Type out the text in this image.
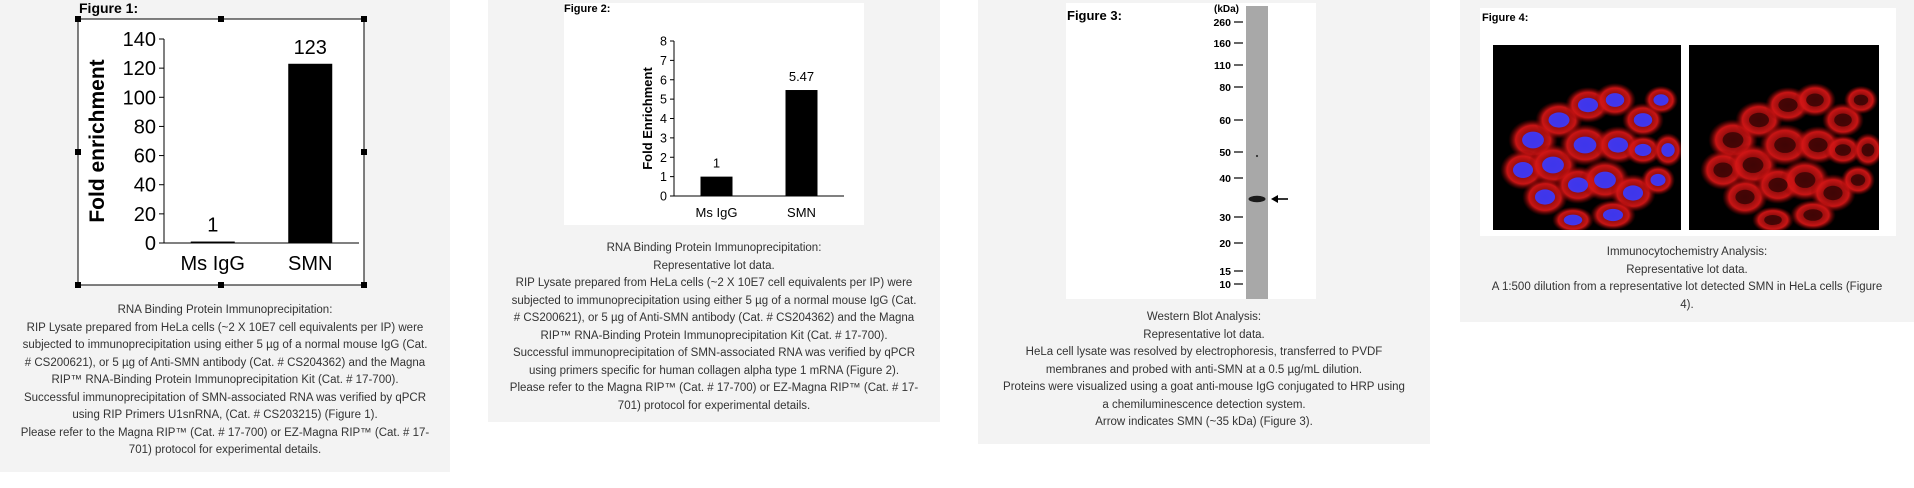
Figure 1:
0
20
40
60
80
100
120
140
1
Ms IgG
123
SMN
Fold enrichment
RNA Binding Protein Immunoprecipitation:
RIP Lysate prepared from HeLa cells (~2 X 10E7 cell equivalents per IP) were
subjected to immunoprecipitation using either 5 µg of a normal mouse IgG (Cat.
# CS200621), or 5 µg of Anti-SMN antibody (Cat. # CS204362) and the Magna
RIP™ RNA-Binding Protein Immunoprecipitation Kit (Cat. # 17-700).
Successful immunoprecipitation of SMN-associated RNA was verified by qPCR
using RIP Primers U1snRNA, (Cat. # CS203215) (Figure 1).
Please refer to the Magna RIP™ (Cat. # 17-700) or EZ-Magna RIP™ (Cat. # 17-
701) protocol for experimental details.
Figure 2:
0
1
2
3
4
5
6
7
8
1
Ms IgG
5.47
SMN
Fold Enrichment
RNA Binding Protein Immunoprecipitation:
Representative lot data.
RIP Lysate prepared from HeLa cells (~2 X 10E7 cell equivalents per IP) were
subjected to immunoprecipitation using either 5 µg of a normal mouse IgG (Cat.
# CS200621), or 5 µg of Anti-SMN antibody (Cat. # CS204362) and the Magna
RIP™ RNA-Binding Protein Immunoprecipitation Kit (Cat. # 17-700).
Successful immunoprecipitation of SMN-associated RNA was verified by qPCR
using primers specific for human collagen alpha type 1 mRNA (Figure 2).
Please refer to the Magna RIP™ (Cat. # 17-700) or EZ-Magna RIP™ (Cat. # 17-
701) protocol for experimental details.
Figure 3:	(kDa)
260
160
110
80
60
50
40
30
20
15
10
Western Blot Analysis:
Representative lot data.
HeLa cell lysate was resolved by electrophoresis, transferred to PVDF
membranes and probed with anti-SMN at a 0.5 µg/mL dilution.
Proteins were visualized using a goat anti-mouse IgG conjugated to HRP using
a chemiluminescence detection system.
Arrow indicates SMN (~35 kDa) (Figure 3).
Figure 4:
Immunocytochemistry Analysis:
Representative lot data.
A 1:500 dilution from a representative lot detected SMN in HeLa cells (Figure
4).
